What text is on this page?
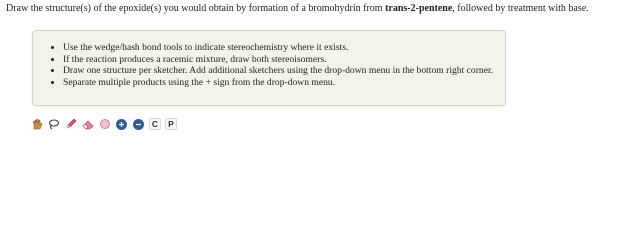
Draw the structure(s) of the epoxide(s) you would obtain by formation of a bromohydrin from trans-2-pentene, followed by treatment with base.
• Use the wedge/hash bond tools to indicate stereochemistry where it exists.
• If the reaction produces a racemic mixture, draw both stereoisomers.
• Draw one structure per sketcher. Add additional sketchers using the drop-down menu in the bottom right corner.
• Separate multiple products using the + sign from the drop-down menu.
C	P
